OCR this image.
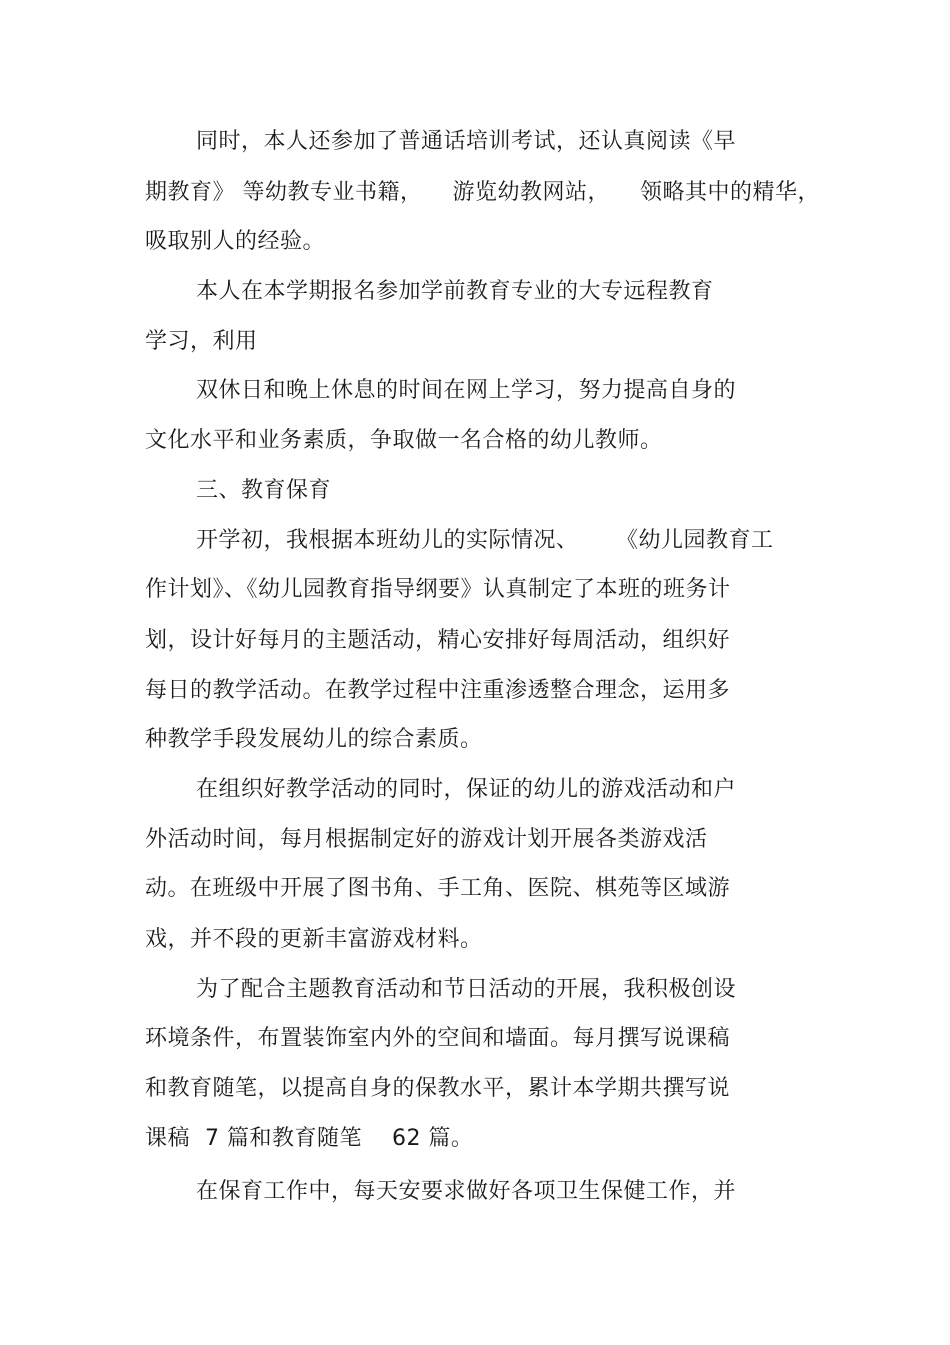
同时，本人还参加了普通话培训考试，还认真阅读《早

期教育》 等幼教专业书籍，    游览幼教网站，    领略其中的精华，

吸取别人的经验。

本人在本学期报名参加学前教育专业的大专远程教育

学习，利用

双休日和晚上休息的时间在网上学习，努力提高自身的

文化水平和业务素质，争取做一名合格的幼儿教师。

三、教育保育

开学初，我根据本班幼儿的实际情况、     《幼儿园教育工

作计划》、《幼儿园教育指导纲要》认真制定了本班的班务计

划，设计好每月的主题活动，精心安排好每周活动，组织好

每日的教学活动。在教学过程中注重渗透整合理念，运用多

种教学手段发展幼儿的综合素质。

在组织好教学活动的同时，保证的幼儿的游戏活动和户

外活动时间，每月根据制定好的游戏计划开展各类游戏活

动。在班级中开展了图书角、手工角、医院、棋苑等区域游

戏，并不段的更新丰富游戏材料。

为了配合主题教育活动和节日活动的开展，我积极创设

环境条件，布置装饰室内外的空间和墙面。每月撰写说课稿

和教育随笔，以提高自身的保教水平，累计本学期共撰写说

课稿  7 篇和教育随笔    62 篇。

在保育工作中，每天安要求做好各项卫生保健工作，并
